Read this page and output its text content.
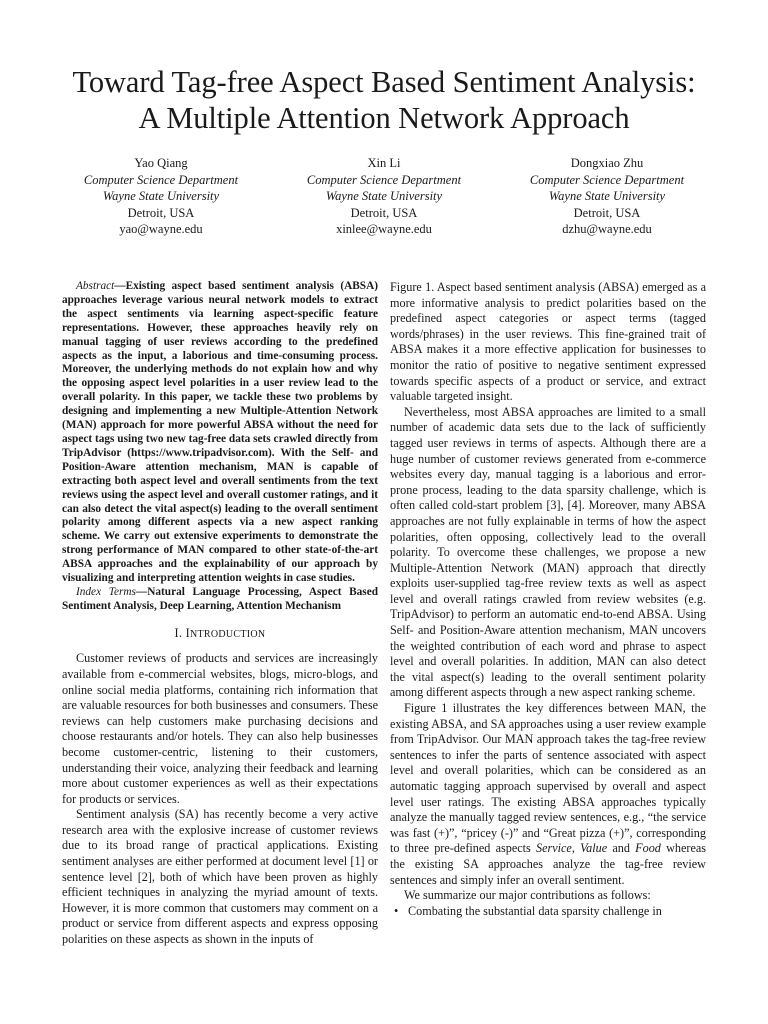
Toward Tag-free Aspect Based Sentiment Analysis:
A Multiple Attention Network Approach
Yao Qiang
Computer Science Department
Wayne State University
Detroit, USA
yao@wayne.edu
Xin Li
Computer Science Department
Wayne State University
Detroit, USA
xinlee@wayne.edu
Dongxiao Zhu
Computer Science Department
Wayne State University
Detroit, USA
dzhu@wayne.edu

Abstract—Existing aspect based sentiment analysis (ABSA) approaches leverage various neural network models to extract the aspect sentiments via learning aspect-specific feature representations. However, these approaches heavily rely on manual tagging of user reviews according to the predefined aspects as the input, a laborious and time-consuming process. Moreover, the underlying methods do not explain how and why the opposing aspect level polarities in a user review lead to the overall polarity. In this paper, we tackle these two problems by designing and implementing a new Multiple-Attention Network (MAN) approach for more powerful ABSA without the need for aspect tags using two new tag-free data sets crawled directly from TripAdvisor (https://www.tripadvisor.com). With the Self- and Position-Aware attention mechanism, MAN is capable of extracting both aspect level and overall sentiments from the text reviews using the aspect level and overall customer ratings, and it can also detect the vital aspect(s) leading to the overall sentiment polarity among different aspects via a new aspect ranking scheme. We carry out extensive experiments to demonstrate the strong performance of MAN compared to other state-of-the-art ABSA approaches and the explainability of our approach by visualizing and interpreting attention weights in case studies.

Index Terms—Natural Language Processing, Aspect Based Sentiment Analysis, Deep Learning, Attention Mechanism

I. INTRODUCTION

Customer reviews of products and services are increasingly available from e-commercial websites, blogs, micro-blogs, and online social media platforms, containing rich information that are valuable resources for both businesses and consumers. These reviews can help customers make purchasing decisions and choose restaurants and/or hotels. They can also help businesses become customer-centric, listening to their customers, understanding their voice, analyzing their feedback and learning more about customer experiences as well as their expectations for products or services.

Sentiment analysis (SA) has recently become a very active research area with the explosive increase of customer reviews due to its broad range of practical applications. Existing sentiment analyses are either performed at document level [1] or sentence level [2], both of which have been proven as highly efficient techniques in analyzing the myriad amount of texts. However, it is more common that customers may comment on a product or service from different aspects and express opposing polarities on these aspects as shown in the inputs of

Figure 1. Aspect based sentiment analysis (ABSA) emerged as a more informative analysis to predict polarities based on the predefined aspect categories or aspect terms (tagged words/phrases) in the user reviews. This fine-grained trait of ABSA makes it a more effective application for businesses to monitor the ratio of positive to negative sentiment expressed towards specific aspects of a product or service, and extract valuable targeted insight.

Nevertheless, most ABSA approaches are limited to a small number of academic data sets due to the lack of sufficiently tagged user reviews in terms of aspects. Although there are a huge number of customer reviews generated from e-commerce websites every day, manual tagging is a laborious and error-prone process, leading to the data sparsity challenge, which is often called cold-start problem [3], [4]. Moreover, many ABSA approaches are not fully explainable in terms of how the aspect polarities, often opposing, collectively lead to the overall polarity. To overcome these challenges, we propose a new Multiple-Attention Network (MAN) approach that directly exploits user-supplied tag-free review texts as well as aspect level and overall ratings crawled from review websites (e.g. TripAdvisor) to perform an automatic end-to-end ABSA. Using Self- and Position-Aware attention mechanism, MAN uncovers the weighted contribution of each word and phrase to aspect level and overall polarities. In addition, MAN can also detect the vital aspect(s) leading to the overall sentiment polarity among different aspects through a new aspect ranking scheme.

Figure 1 illustrates the key differences between MAN, the existing ABSA, and SA approaches using a user review example from TripAdvisor. Our MAN approach takes the tag-free review sentences to infer the parts of sentence associated with aspect level and overall polarities, which can be considered as an automatic tagging approach supervised by overall and aspect level user ratings. The existing ABSA approaches typically analyze the manually tagged review sentences, e.g., “the service was fast (+)”, “pricey (-)” and “Great pizza (+)”, corresponding to three pre-defined aspects Service, Value and Food whereas the existing SA approaches analyze the tag-free review sentences and simply infer an overall sentiment.

We summarize our major contributions as follows:

• Combating the substantial data sparsity challenge in
